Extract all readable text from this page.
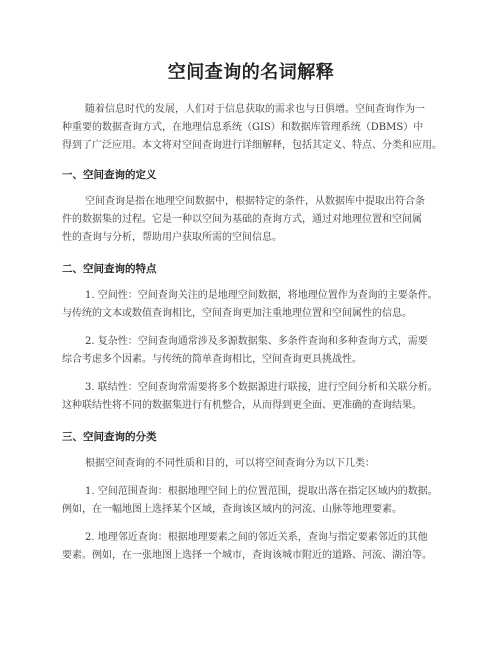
空间查询的名词解释
随着信息时代的发展，人们对于信息获取的需求也与日俱增。空间查询作为一
种重要的数据查询方式，在地理信息系统（GIS）和数据库管理系统（DBMS）中
得到了广泛应用。本文将对空间查询进行详细解释，包括其定义、特点、分类和应用。
一、空间查询的定义
空间查询是指在地理空间数据中，根据特定的条件，从数据库中提取出符合条
件的数据集的过程。它是一种以空间为基础的查询方式，通过对地理位置和空间属
性的查询与分析，帮助用户获取所需的空间信息。
二、空间查询的特点
1. 空间性：空间查询关注的是地理空间数据，将地理位置作为查询的主要条件。
与传统的文本或数值查询相比，空间查询更加注重地理位置和空间属性的信息。
2. 复杂性：空间查询通常涉及多源数据集、多条件查询和多种查询方式，需要
综合考虑多个因素。与传统的简单查询相比，空间查询更具挑战性。
3. 联结性：空间查询常需要将多个数据源进行联接，进行空间分析和关联分析。
这种联结性将不同的数据集进行有机整合，从而得到更全面、更准确的查询结果。
三、空间查询的分类
根据空间查询的不同性质和目的，可以将空间查询分为以下几类：
1. 空间范围查询：根据地理空间上的位置范围，提取出落在指定区域内的数据。
例如，在一幅地图上选择某个区域，查询该区域内的河流、山脉等地理要素。
2. 地理邻近查询：根据地理要素之间的邻近关系，查询与指定要素邻近的其他
要素。例如，在一张地图上选择一个城市，查询该城市附近的道路、河流、湖泊等。
